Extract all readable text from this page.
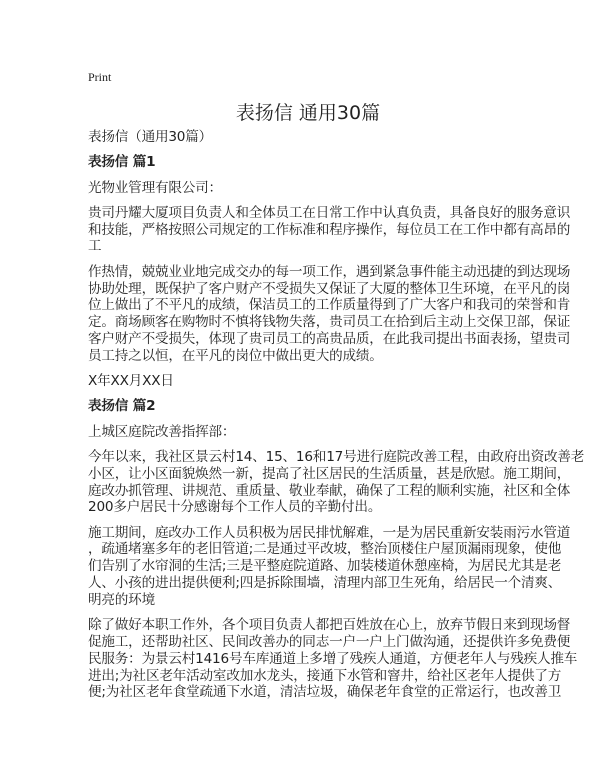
Print
表扬信 通用30篇
表扬信（通用30篇）
表扬信 篇1
光物业管理有限公司：
贵司丹耀大厦项目负责人和全体员工在日常工作中认真负责，具备良好的服务意识
和技能，严格按照公司规定的工作标准和程序操作，每位员工在工作中都有高昂的
工
作热情，兢兢业业地完成交办的每一项工作，遇到紧急事件能主动迅捷的到达现场
协助处理，既保护了客户财产不受损失又保证了大厦的整体卫生环境，在平凡的岗
位上做出了不平凡的成绩，保洁员工的工作质量得到了广大客户和我司的荣誉和肯
定。商场顾客在购物时不慎将钱物失落，贵司员工在拾到后主动上交保卫部，保证
客户财产不受损失，体现了贵司员工的高贵品质，在此我司提出书面表扬，望贵司
员工持之以恒，在平凡的岗位中做出更大的成绩。
X年XX月XX日
表扬信 篇2
上城区庭院改善指挥部：
今年以来，我社区景云村14、15、16和17号进行庭院改善工程，由政府出资改善老
小区，让小区面貌焕然一新，提高了社区居民的生活质量，甚是欣慰。施工期间，
庭改办抓管理、讲规范、重质量、敬业奉献，确保了工程的顺利实施，社区和全体
200多户居民十分感谢每个工作人员的辛勤付出。
施工期间，庭改办工作人员积极为居民排忧解难，一是为居民重新安装雨污水管道
，疏通堵塞多年的老旧管道;二是通过平改坡，整治顶楼住户屋顶漏雨现象，使他
们告别了水帘洞的生活;三是平整庭院道路、加装楼道休憩座椅，为居民尤其是老
人、小孩的进出提供便利;四是拆除围墙，清理内部卫生死角，给居民一个清爽、
明亮的环境
除了做好本职工作外，各个项目负责人都把百姓放在心上，放弃节假日来到现场督
促施工，还帮助社区、民间改善办的同志一户一户上门做沟通，还提供许多免费便
民服务：为景云村1416号车库通道上多增了残疾人通道，方便老年人与残疾人推车
进出;为社区老年活动室改加水龙头，接通下水管和窨井，给社区老年人提供了方
便;为社区老年食堂疏通下水道，清洁垃圾，确保老年食堂的正常运行，也改善卫
